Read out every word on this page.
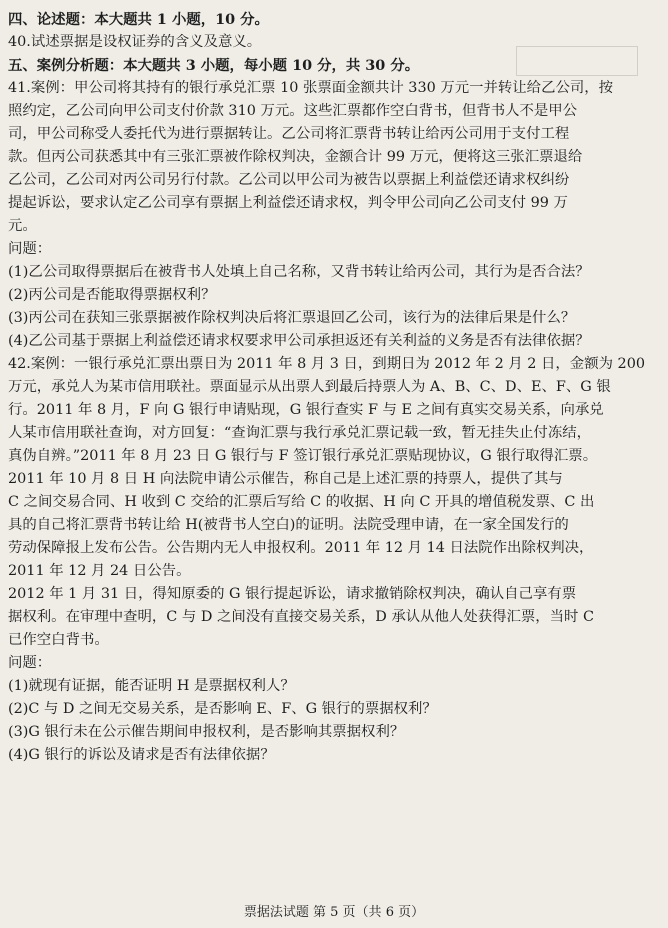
四、论述题：本大题共 1 小题，10 分。
40.试述票据是设权证券的含义及意义。
五、案例分析题：本大题共 3 小题，每小题 10 分，共 30 分。
41.案例：甲公司将其持有的银行承兑汇票 10 张票面金额共计 330 万元一并转让给乙公司，按
照约定，乙公司向甲公司支付价款 310 万元。这些汇票都作空白背书，但背书人不是甲公
司，甲公司称受人委托代为进行票据转让。乙公司将汇票背书转让给丙公司用于支付工程
款。但丙公司获悉其中有三张汇票被作除权判决，金额合计 99 万元，便将这三张汇票退给
乙公司，乙公司对丙公司另行付款。乙公司以甲公司为被告以票据上利益偿还请求权纠纷
提起诉讼，要求认定乙公司享有票据上利益偿还请求权，判令甲公司向乙公司支付 99 万
元。
问题：
(1)乙公司取得票据后在被背书人处填上自己名称，又背书转让给丙公司，其行为是否合法？
(2)丙公司是否能取得票据权利？
(3)丙公司在获知三张票据被作除权判决后将汇票退回乙公司，该行为的法律后果是什么？
(4)乙公司基于票据上利益偿还请求权要求甲公司承担返还有关利益的义务是否有法律依据？
42.案例：一银行承兑汇票出票日为 2011 年 8 月 3 日，到期日为 2012 年 2 月 2 日，金额为 200
万元，承兑人为某市信用联社。票面显示从出票人到最后持票人为 A、B、C、D、E、F、G 银
行。2011 年 8 月，F 向 G 银行申请贴现，G 银行查实 F 与 E 之间有真实交易关系，向承兑
人某市信用联社查询，对方回复：“查询汇票与我行承兑汇票记载一致，暂无挂失止付冻结，
真伪自辨。”2011 年 8 月 23 日 G 银行与 F 签订银行承兑汇票贴现协议，G 银行取得汇票。
2011 年 10 月 8 日 H 向法院申请公示催告，称自己是上述汇票的持票人，提供了其与
C 之间交易合同、H 收到 C 交给的汇票后写给 C 的收据、H 向 C 开具的增值税发票、C 出
具的自己将汇票背书转让给 H(被背书人空白)的证明。法院受理申请，在一家全国发行的
劳动保障报上发布公告。公告期内无人申报权利。2011 年 12 月 14 日法院作出除权判决，
2011 年 12 月 24 日公告。
2012 年 1 月 31 日，得知原委的 G 银行提起诉讼，请求撤销除权判决，确认自己享有票
据权利。在审理中查明，C 与 D 之间没有直接交易关系，D 承认从他人处获得汇票，当时 C
已作空白背书。
问题：
(1)就现有证据，能否证明 H 是票据权利人？
(2)C 与 D 之间无交易关系，是否影响 E、F、G 银行的票据权利？
(3)G 银行未在公示催告期间申报权利，是否影响其票据权利？
(4)G 银行的诉讼及请求是否有法律依据？
票据法试题 第 5 页（共 6 页）
